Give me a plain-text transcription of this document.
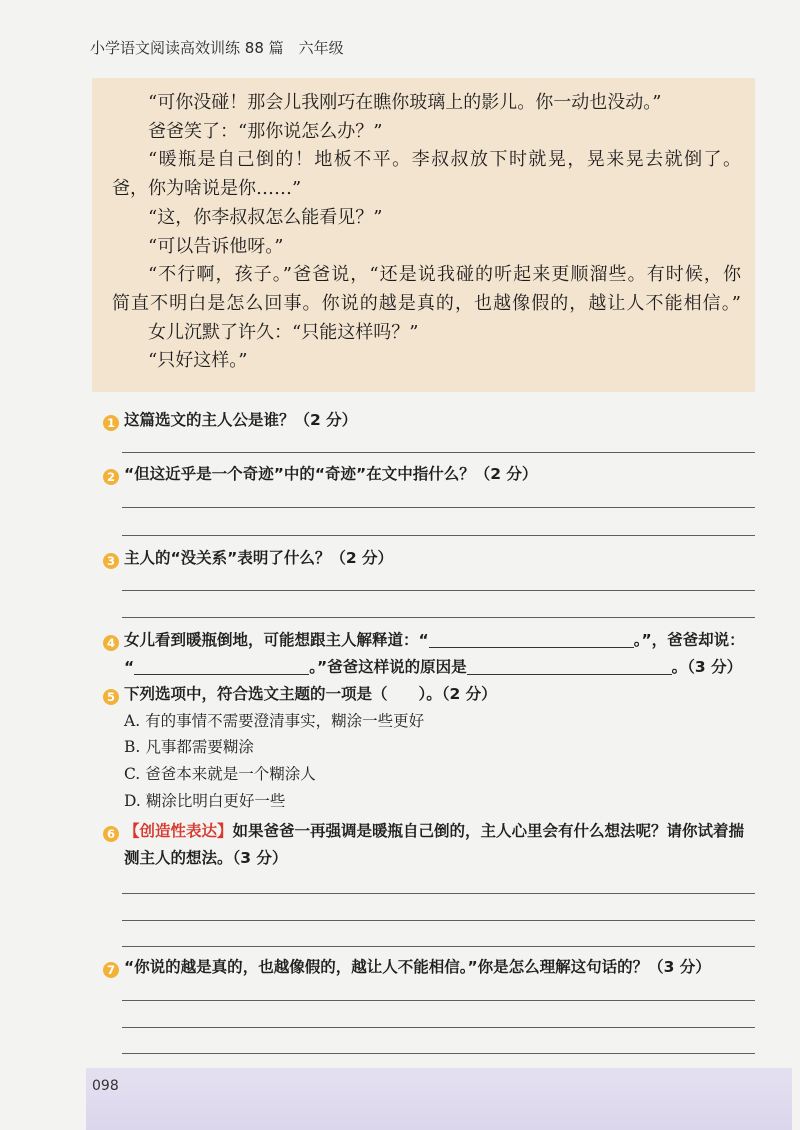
小学语文阅读高效训练 88 篇　六年级
“可你没碰！那会儿我刚巧在瞧你玻璃上的影儿。你一动也没动。”
爸爸笑了：“那你说怎么办？”
“暖瓶是自己倒的！地板不平。李叔叔放下时就晃，晃来晃去就倒了。
爸，你为啥说是你……”
“这，你李叔叔怎么能看见？”
“可以告诉他呀。”
“不行啊，孩子。”爸爸说，“还是说我碰的听起来更顺溜些。有时候，你
简直不明白是怎么回事。你说的越是真的，也越像假的，越让人不能相信。”
女儿沉默了许久：“只能这样吗？”
“只好这样。”
1 这篇选文的主人公是谁？（2 分）
2 “但这近乎是一个奇迹”中的“奇迹”在文中指什么？（2 分）
3 主人的“没关系”表明了什么？（2 分）
4 女儿看到暖瓶倒地，可能想跟主人解释道：“	。”，爸爸却说：
“	。”爸爸这样说的原因是	。（3 分）
5 下列选项中，符合选文主题的一项是（　　）。（2 分）
A. 有的事情不需要澄清事实，糊涂一些更好
B. 凡事都需要糊涂
C. 爸爸本来就是一个糊涂人
D. 糊涂比明白更好一些
6 【创造性表达】如果爸爸一再强调是暖瓶自己倒的，主人心里会有什么想法呢？请你试着揣
测主人的想法。（3 分）
7 “你说的越是真的，也越像假的，越让人不能相信。”你是怎么理解这句话的？（3 分）
098
